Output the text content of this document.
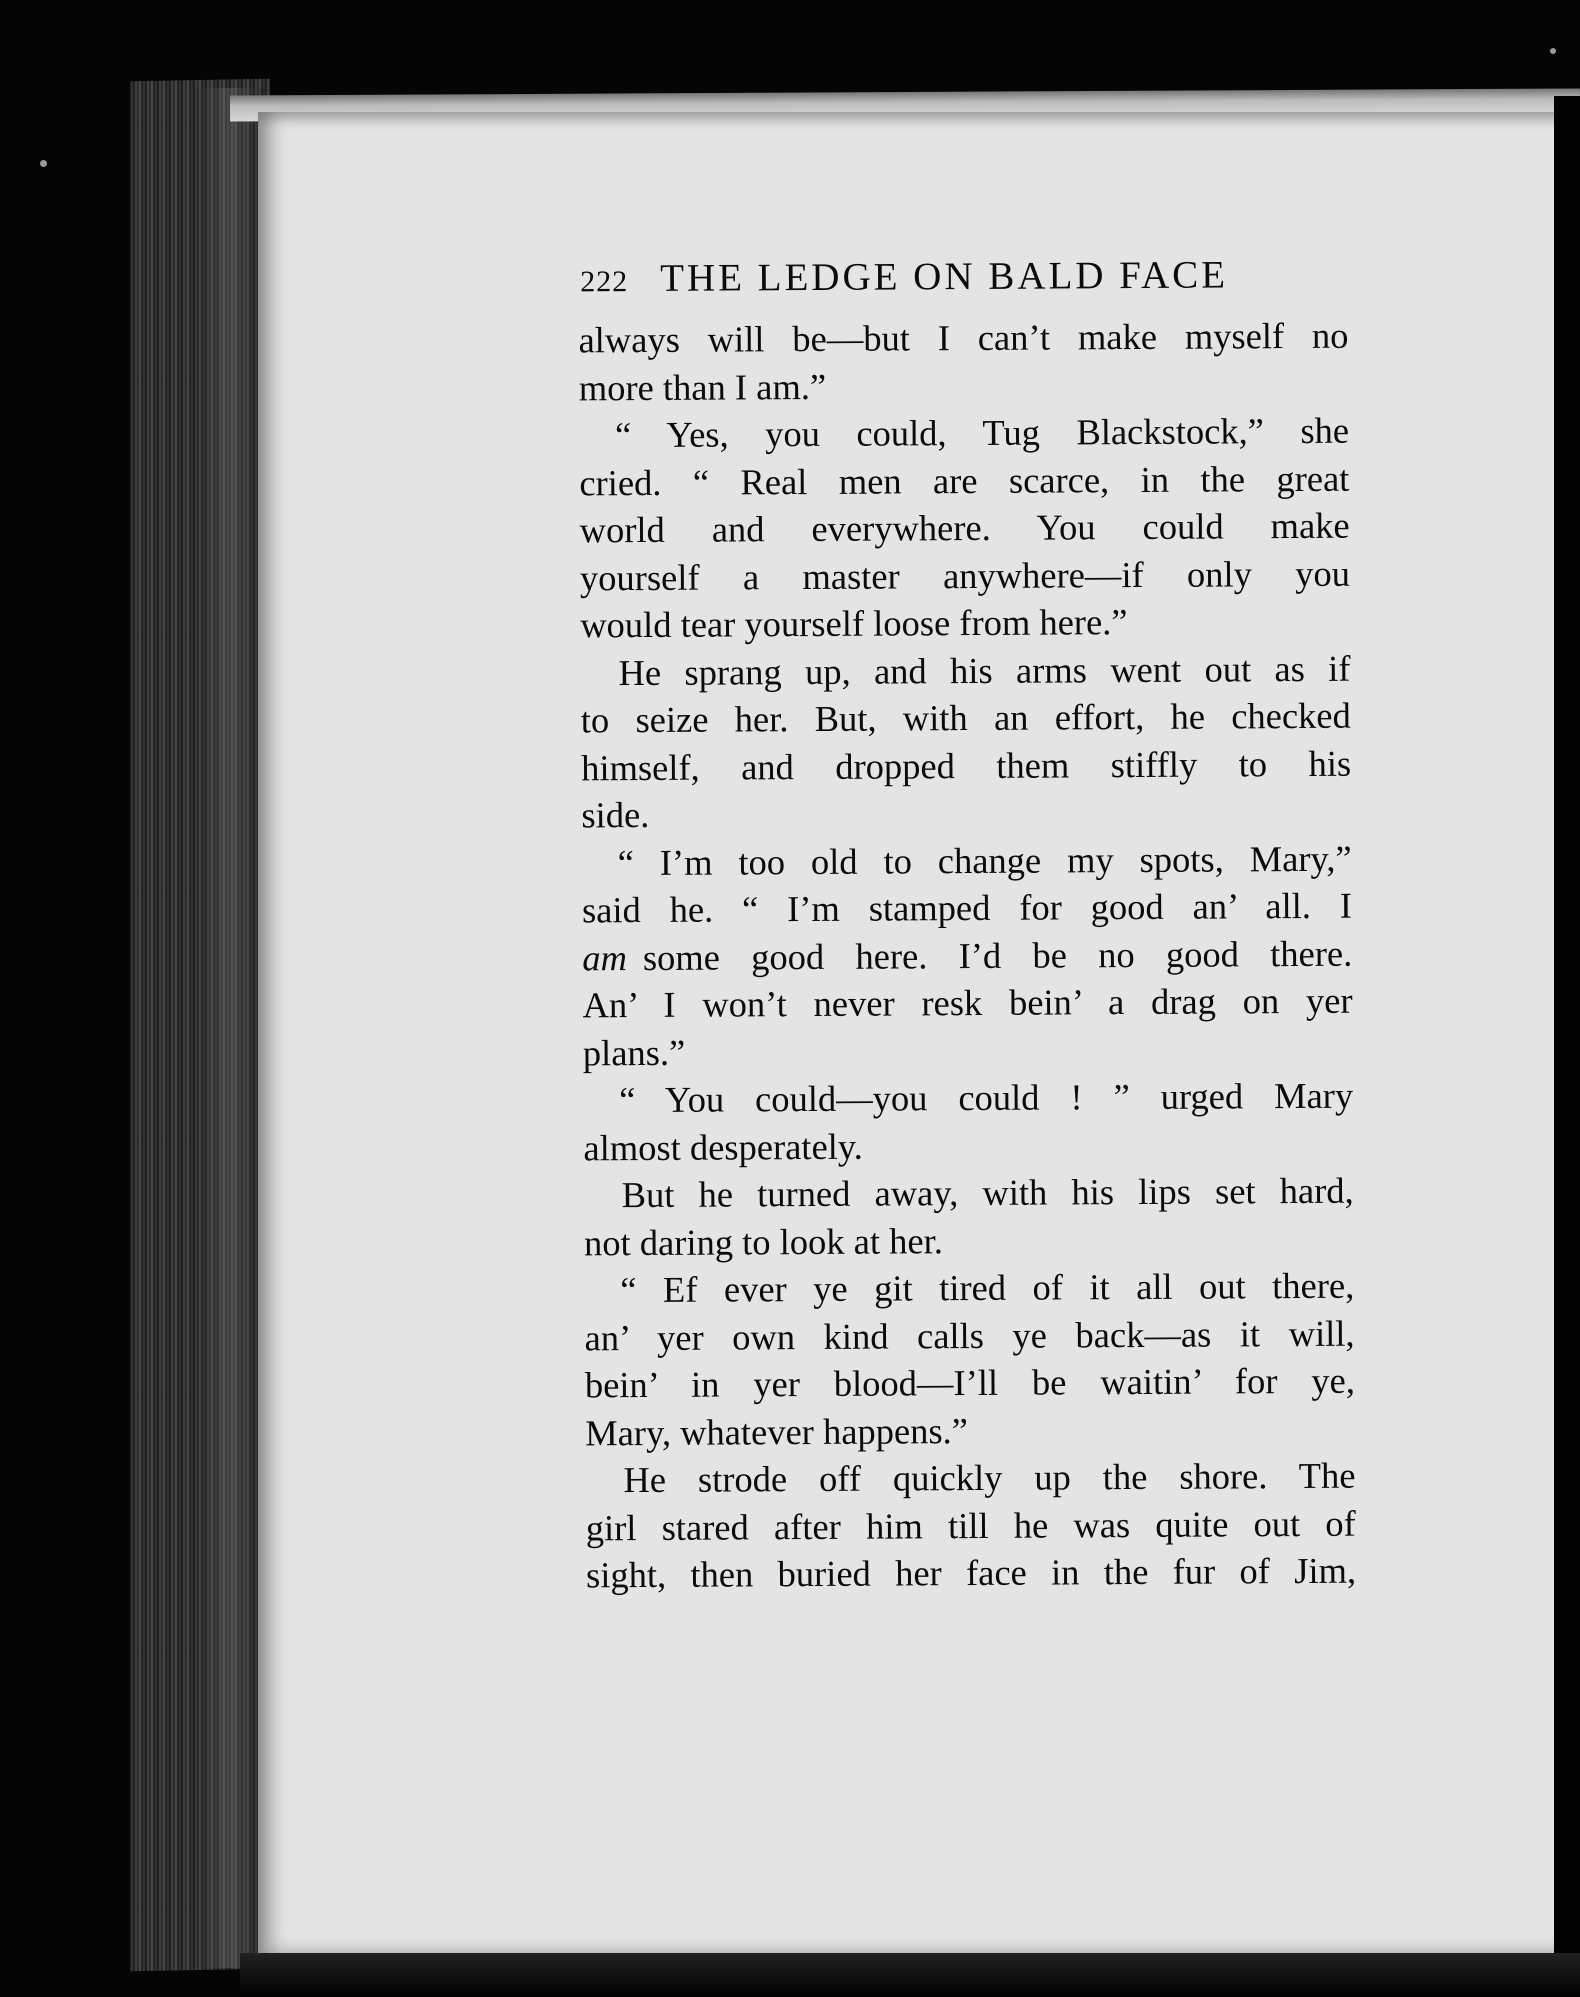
222 THE LEDGE ON BALD FACE
always will be—but I can’t make myself no
more than I am.”
“ Yes, you could, Tug Blackstock,” she
cried. “ Real men are scarce, in the great
world and everywhere. You could make
yourself a master anywhere—if only you
would tear yourself loose from here.”
He sprang up, and his arms went out as if
to seize her. But, with an effort, he checked
himself, and dropped them stiffly to his
side.
“ I’m too old to change my spots, Mary,”
said he. “ I’m stamped for good an’ all. I
am some good here. I’d be no good there.
An’ I won’t never resk bein’ a drag on yer
plans.”
“ You could—you could ! ” urged Mary
almost desperately.
But he turned away, with his lips set hard,
not daring to look at her.
“ Ef ever ye git tired of it all out there,
an’ yer own kind calls ye back—as it will,
bein’ in yer blood—I’ll be waitin’ for ye,
Mary, whatever happens.”
He strode off quickly up the shore. The
girl stared after him till he was quite out of
sight, then buried her face in the fur of Jim,
